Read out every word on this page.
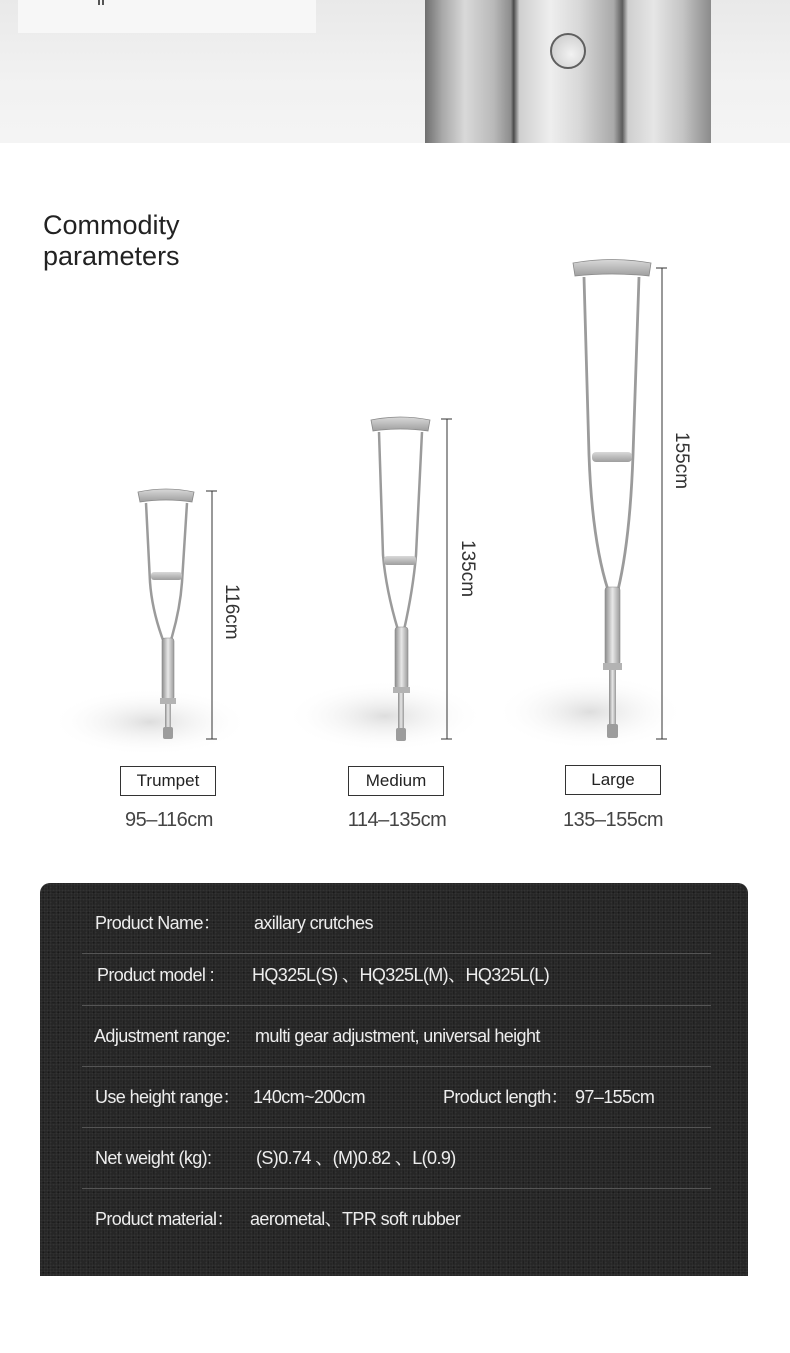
Commodity
parameters
116cm
135cm
155cm
Trumpet	Medium	Large
95–116cm	114–135cm	135–155cm
Product Name： axillary crutches
Product model : HQ325L(S) 、HQ325L(M)、HQ325L(L)
Adjustment range: multi gear adjustment, universal height
Use height range： 140cm~200cm	Product length： 97–155cm
Net weight (kg): (S)0.74 、(M)0.82 、L(0.9)
Product material： aerometal、TPR soft rubber
